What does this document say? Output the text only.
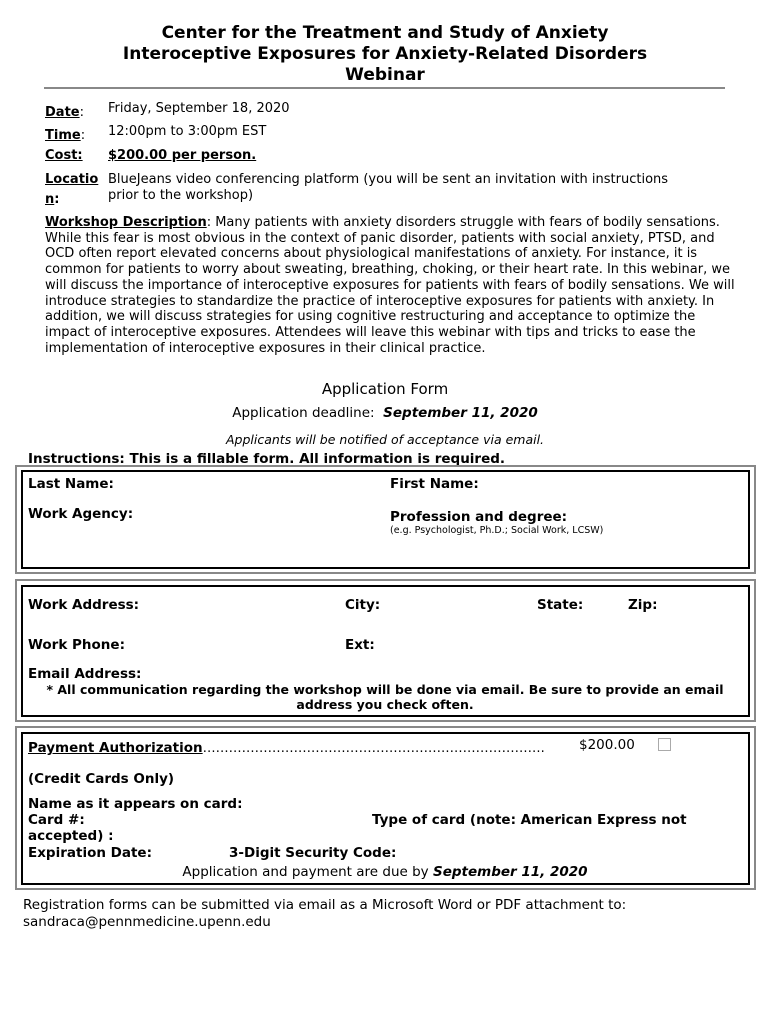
Center for the Treatment and Study of Anxiety
Interoceptive Exposures for Anxiety-Related Disorders
Webinar
Date: Friday, September 18, 2020
Time: 12:00pm to 3:00pm EST
Cost: $200.00 per person.
Locatio
n:
BlueJeans video conferencing platform (you will be sent an invitation with instructions
prior to the workshop)
Workshop Description: Many patients with anxiety disorders struggle with fears of bodily sensations. While this fear is most obvious in the context of panic disorder, patients with social anxiety, PTSD, and OCD often report elevated concerns about physiological manifestations of anxiety. For instance, it is common for patients to worry about sweating, breathing, choking, or their heart rate. In this webinar, we will discuss the importance of interoceptive exposures for patients with fears of bodily sensations. We will introduce strategies to standardize the practice of interoceptive exposures for patients with anxiety. In addition, we will discuss strategies for using cognitive restructuring and acceptance to optimize the impact of interoceptive exposures. Attendees will leave this webinar with tips and tricks to ease the implementation of interoceptive exposures in their clinical practice.
Application Form
Application deadline: September 11, 2020
Applicants will be notified of acceptance via email.
Instructions: This is a fillable form. All information is required.
Last Name:	First Name:
Work Agency:	Profession and degree:
(e.g. Psychologist, Ph.D.; Social Work, LCSW)
Work Address:	City:	State:	Zip:
Work Phone:	Ext:
Email Address:
* All communication regarding the workshop will be done via email. Be sure to provide an email
address you check often.
Payment Authorization…………………………………………………………………….	$200.00
(Credit Cards Only)
Name as it appears on card:
Card #:	Type of card (note: American Express not
accepted) :
Expiration Date:	3-Digit Security Code:
Application and payment are due by September 11, 2020
Registration forms can be submitted via email as a Microsoft Word or PDF attachment to:
sandraca@pennmedicine.upenn.edu
